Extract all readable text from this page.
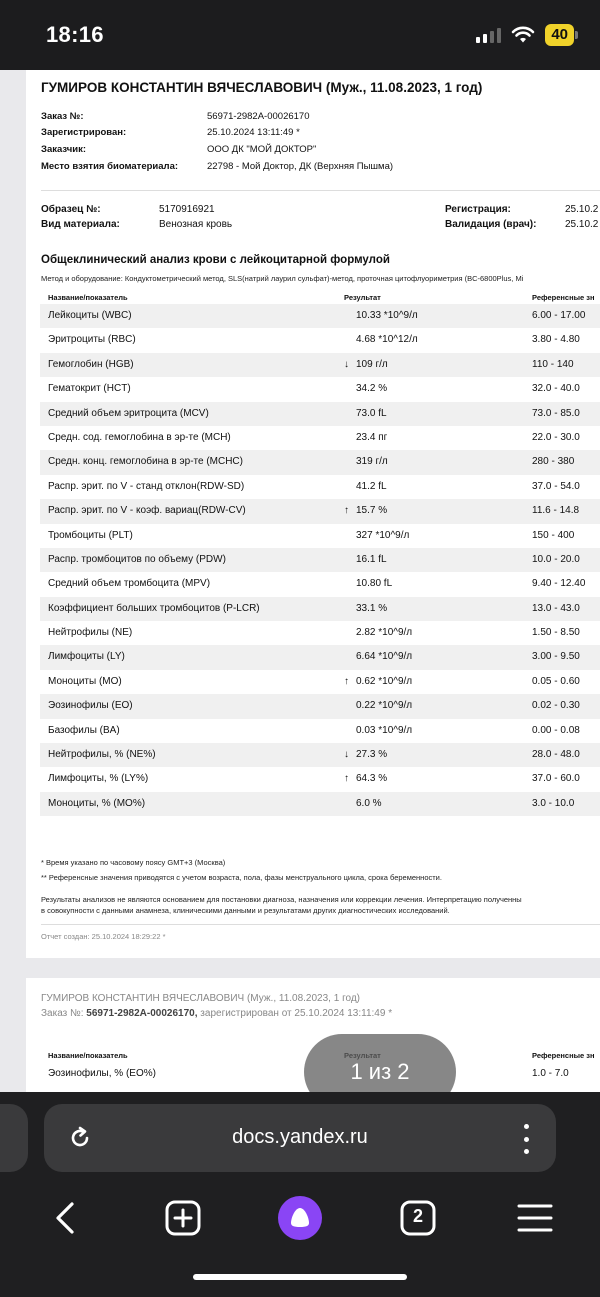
18:16	40
ГУМИРОВ КОНСТАНТИН ВЯЧЕСЛАВОВИЧ (Муж., 11.08.2023, 1 год)
Заказ №:	56971-2982A-00026170
Зарегистрирован:	25.10.2024 13:11:49 *
Заказчик:	ООО ДК "МОЙ ДОКТОР"
Место взятия биоматериала:	22798 - Мой Доктор, ДК (Верхняя Пышма)
Образец №:	5170916921
Вид материала:	Венозная кровь
Регистрация:	25.10.2
Валидация (врач):	25.10.2
Общеклинический анализ крови с лейкоцитарной формулой
Метод и оборудование: Кондуктометрический метод, SLS(натрий лаурил сульфат)-метод, проточная цитофлуориметрия (BC-6800Plus, Mi
Название/показатель	Результат	Референсные зн
Лейкоциты (WBC)	10.33 *10^9/л	6.00 - 17.00
Эритроциты (RBC)	4.68 *10^12/л	3.80 - 4.80
Гемоглобин (HGB)	↓ 109 г/л	110 - 140
Гематокрит (HCT)	34.2 %	32.0 - 40.0
Средний объем эритроцита (MCV)	73.0 fL	73.0 - 85.0
Средн. сод. гемоглобина в эр-те (MCH)	23.4 пг	22.0 - 30.0
Средн. конц. гемоглобина в эр-те (MCHC)	319 г/л	280 - 380
Распр. эрит. по V - станд отклон(RDW-SD)	41.2 fL	37.0 - 54.0
Распр. эрит. по V - коэф. вариац(RDW-CV)	↑ 15.7 %	11.6 - 14.8
Тромбоциты (PLT)	327 *10^9/л	150 - 400
Распр. тромбоцитов по объему (PDW)	16.1 fL	10.0 - 20.0
Средний объем тромбоцита (MPV)	10.80 fL	9.40 - 12.40
Коэффициент больших тромбоцитов (P-LCR)	33.1 %	13.0 - 43.0
Нейтрофилы (NE)	2.82 *10^9/л	1.50 - 8.50
Лимфоциты (LY)	6.64 *10^9/л	3.00 - 9.50
Моноциты (MO)	↑ 0.62 *10^9/л	0.05 - 0.60
Эозинофилы (EO)	0.22 *10^9/л	0.02 - 0.30
Базофилы (BA)	0.03 *10^9/л	0.00 - 0.08
Нейтрофилы, % (NE%)	↓ 27.3 %	28.0 - 48.0
Лимфоциты, % (LY%)	↑ 64.3 %	37.0 - 60.0
Моноциты, % (MO%)	6.0 %	3.0 - 10.0
* Время указано по часовому поясу GMT+3 (Москва)
** Референсные значения приводятся с учетом возраста, пола, фазы менструального цикла, срока беременности.
Результаты анализов не являются основанием для постановки диагноза, назначения или коррекции лечения. Интерпретацию полученны
в совокупности с данными анамнеза, клиническими данными и результатами других диагностических исследований.
Отчет создан: 25.10.2024 18:29:22 *
ГУМИРОВ КОНСТАНТИН ВЯЧЕСЛАВОВИЧ (Муж., 11.08.2023, 1 год)
Заказ №: 56971-2982A-00026170, зарегистрирован от 25.10.2024 13:11:49 *
Название/показатель	Референсные зн
Эозинофилы, % (EO%)	1.0 - 7.0
1 из 2
docs.yandex.ru
2
